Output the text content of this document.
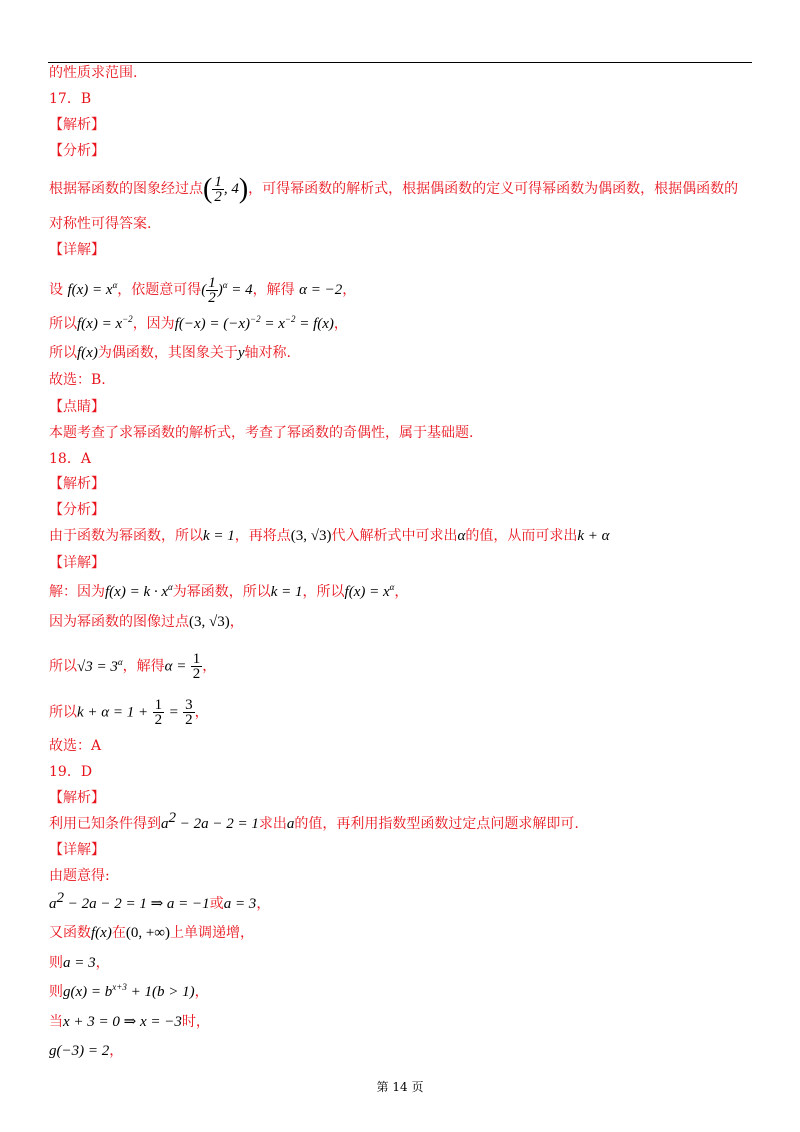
的性质求范围.
17．B
【解析】
【分析】
根据幂函数的图象经过点( $\frac{1}{2}$ , 4)，可得幂函数的解析式，根据偶函数的定义可得幂函数为偶函数，根据偶函数的
对称性可得答案.
【详解】
设 $f(x) = x^\alpha$，依题意可得( $\frac{1}{2} )^\alpha = 4$，解得 α = −2，
所以$f(x) = x^{-2}$，因为$f(-x) = (-x)^{-2} = x^{-2} = f(x)$，
所以f(x)为偶函数，其图象关于y轴对称.
故选：B.
【点睛】
本题考查了求幂函数的解析式，考查了幂函数的奇偶性，属于基础题.
18．A
【解析】
【分析】
由于函数为幂函数，所以k = 1，再将点(3, √3)代入解析式中可求出α的值，从而可求出k + α
【详解】
解：因为$f(x) = k \cdot x^\alpha$为幂函数，所以k = 1，所以$f(x) = x^\alpha$，
因为幂函数的图像过点(3, √3)，
所以$√3 = 3^\alpha$，解得$\alpha = \frac{1}{2}$ ，
所以$k + \alpha = 1 + \frac{1}{2} = \frac{3}{2}$ ，
故选：A
19．D
【解析】
利用已知条件得到$a^2 - 2a - 2 = 1$求出a的值，再利用指数型函数过定点问题求解即可.
【详解】
由题意得:
$a^2 - 2a - 2 = 1$ ⇒ a = −1或a = 3，
又函数f(x)在(0, +∞)上单调递增，
则a = 3，
则$g(x) = b^{x+3} + 1(b > 1)$，
当x + 3 = 0 ⇒ x = −3时，
g(−3) = 2，
第 14 页
